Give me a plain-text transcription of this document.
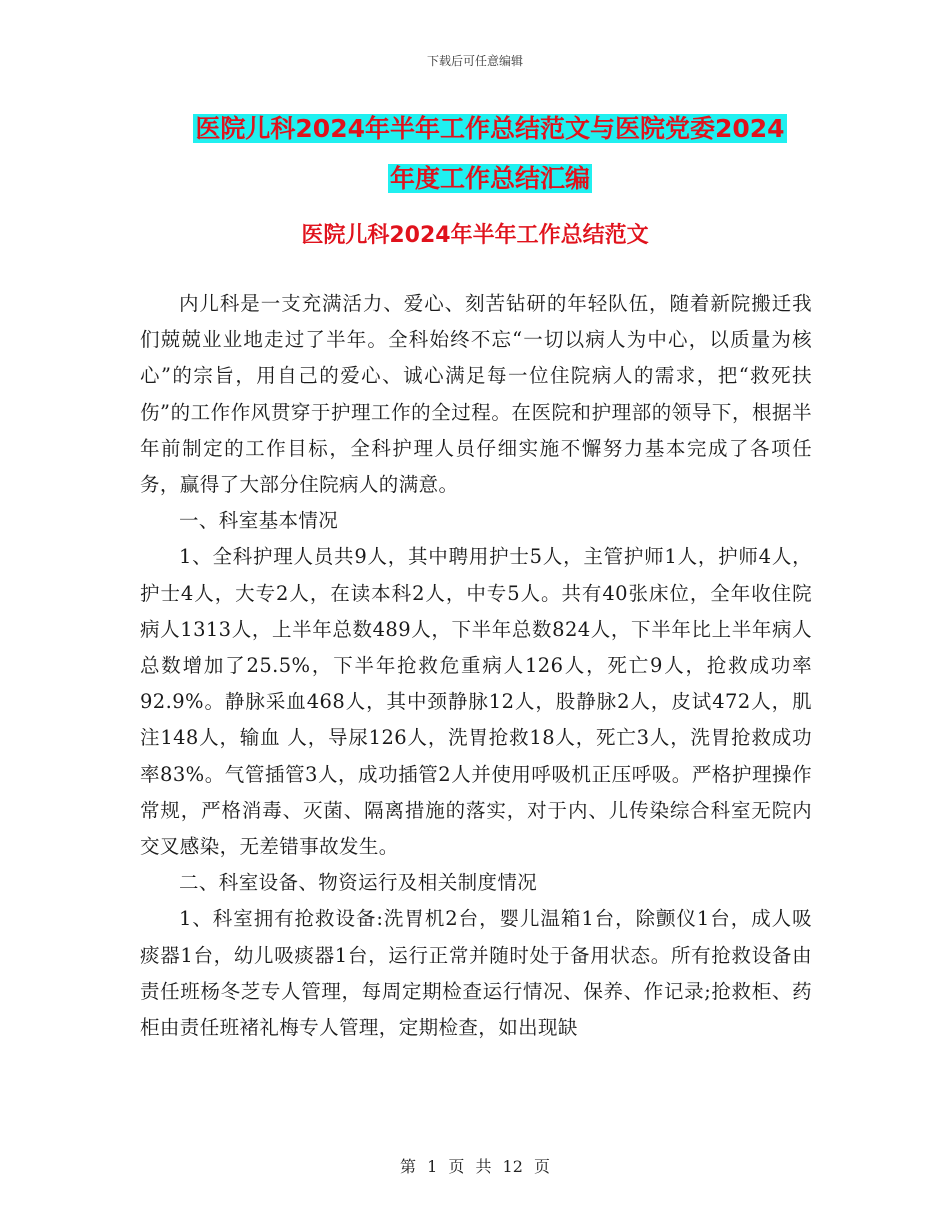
下载后可任意编辑
医院儿科2024年半年工作总结范文与医院党委2024
年度工作总结汇编
医院儿科2024年半年工作总结范文

内儿科是一支充满活力、爱心、刻苦钻研的年轻队伍，随着新院搬迁我们兢兢业业地走过了半年。全科始终不忘“一切以病人为中心，以质量为核心”的宗旨，用自己的爱心、诚心满足每一位住院病人的需求，把“救死扶伤”的工作作风贯穿于护理工作的全过程。在医院和护理部的领导下，根据半年前制定的工作目标，全科护理人员仔细实施不懈努力基本完成了各项任务，赢得了大部分住院病人的满意。

一、科室基本情况

1、全科护理人员共9人，其中聘用护士5人，主管护师1人，护师4人，护士4人，大专2人，在读本科2人，中专5人。共有40张床位，全年收住院病人1313人，上半年总数489人，下半年总数824人，下半年比上半年病人总数增加了25.5%，下半年抢救危重病人126人，死亡9人，抢救成功率92.9%。静脉采血468人，其中颈静脉12人，股静脉2人，皮试472人，肌注148人，输血 人，导尿126人，洗胃抢救18人，死亡3人，洗胃抢救成功率83%。气管插管3人，成功插管2人并使用呼吸机正压呼吸。严格护理操作常规，严格消毒、灭菌、隔离措施的落实，对于内、儿传染综合科室无院内交叉感染，无差错事故发生。

二、科室设备、物资运行及相关制度情况

1、科室拥有抢救设备:洗胃机2台，婴儿温箱1台，除颤仪1台，成人吸痰器1台，幼儿吸痰器1台，运行正常并随时处于备用状态。所有抢救设备由责任班杨冬芝专人管理，每周定期检查运行情况、保养、作记录;抢救柜、药柜由责任班褚礼梅专人管理，定期检查，如出现缺

第 1 页 共 12 页
